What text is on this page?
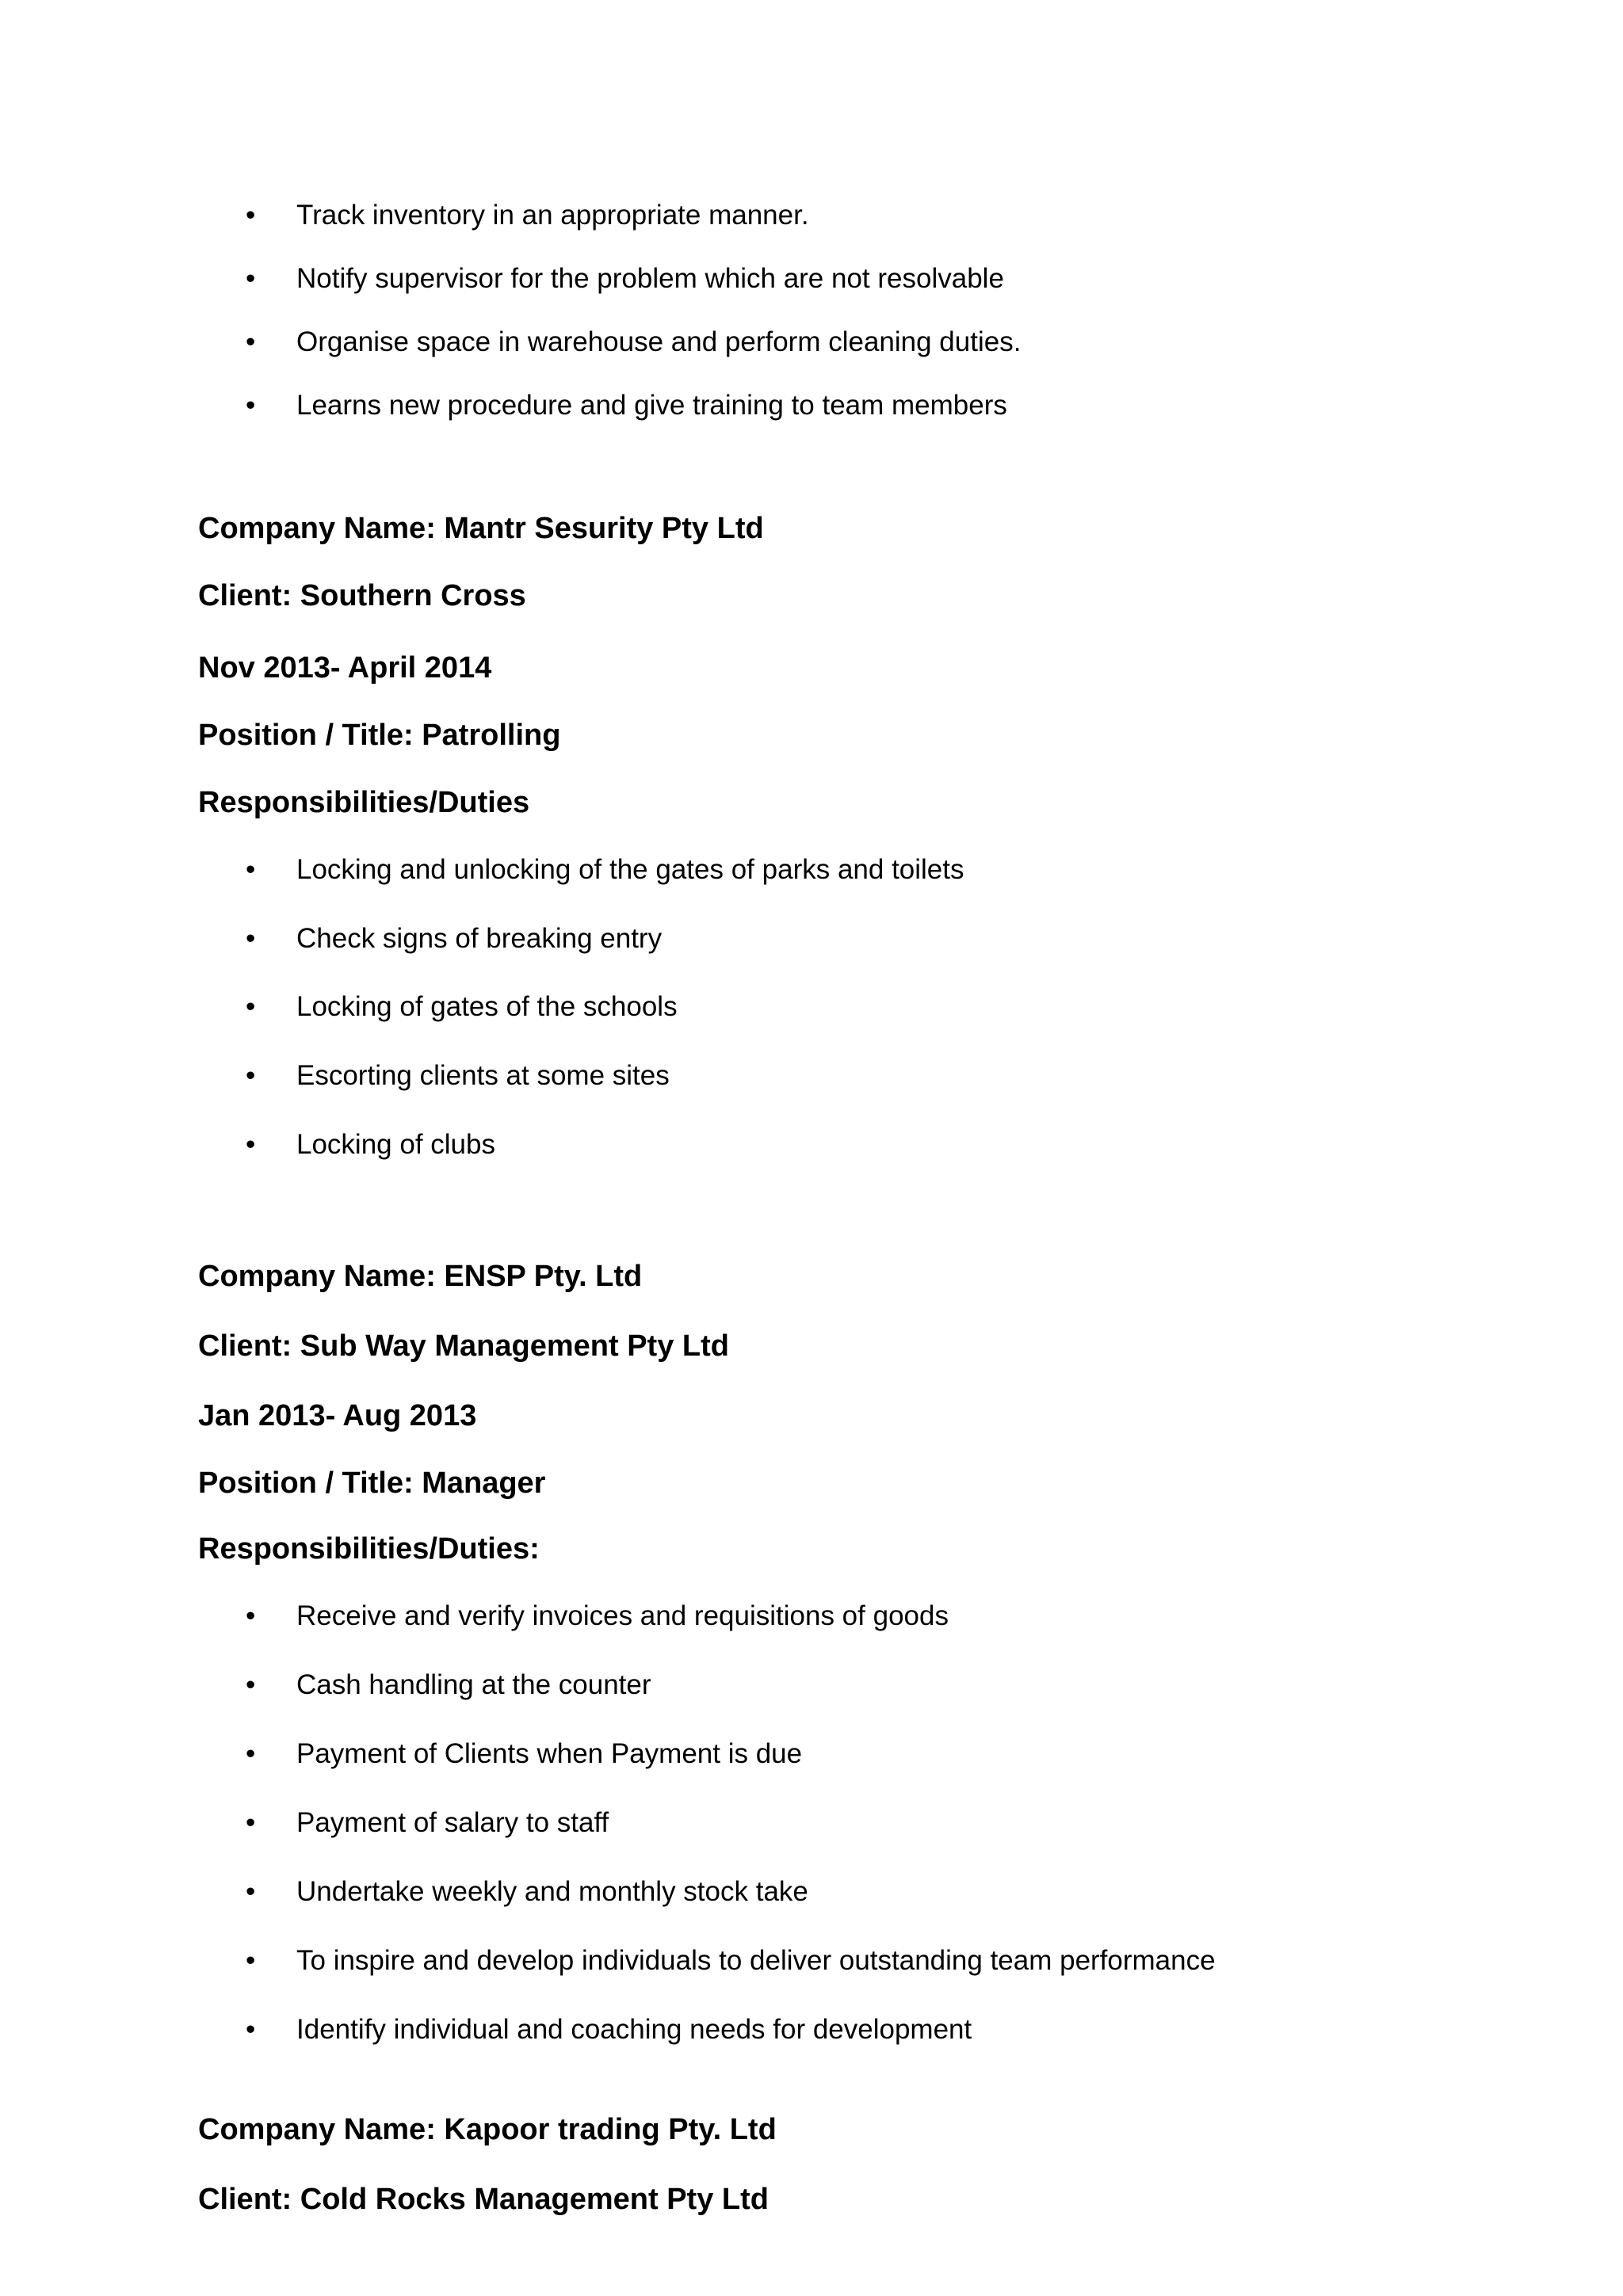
• Track inventory in an appropriate manner.
• Notify supervisor for the problem which are not resolvable
• Organise space in warehouse and perform cleaning duties.
• Learns new procedure and give training to team members
Company Name: Mantr Sesurity Pty Ltd
Client: Southern Cross
Nov 2013- April 2014
Position / Title: Patrolling
Responsibilities/Duties
• Locking and unlocking of the gates of parks and toilets
• Check signs of breaking entry
• Locking of gates of the schools
• Escorting clients at some sites
• Locking of clubs
Company Name: ENSP Pty. Ltd
Client: Sub Way Management Pty Ltd
Jan 2013- Aug 2013
Position / Title: Manager
Responsibilities/Duties:
• Receive and verify invoices and requisitions of goods
• Cash handling at the counter
• Payment of Clients when Payment is due
• Payment of salary to staff
• Undertake weekly and monthly stock take
• To inspire and develop individuals to deliver outstanding team performance
• Identify individual and coaching needs for development
Company Name: Kapoor trading Pty. Ltd
Client: Cold Rocks Management Pty Ltd
